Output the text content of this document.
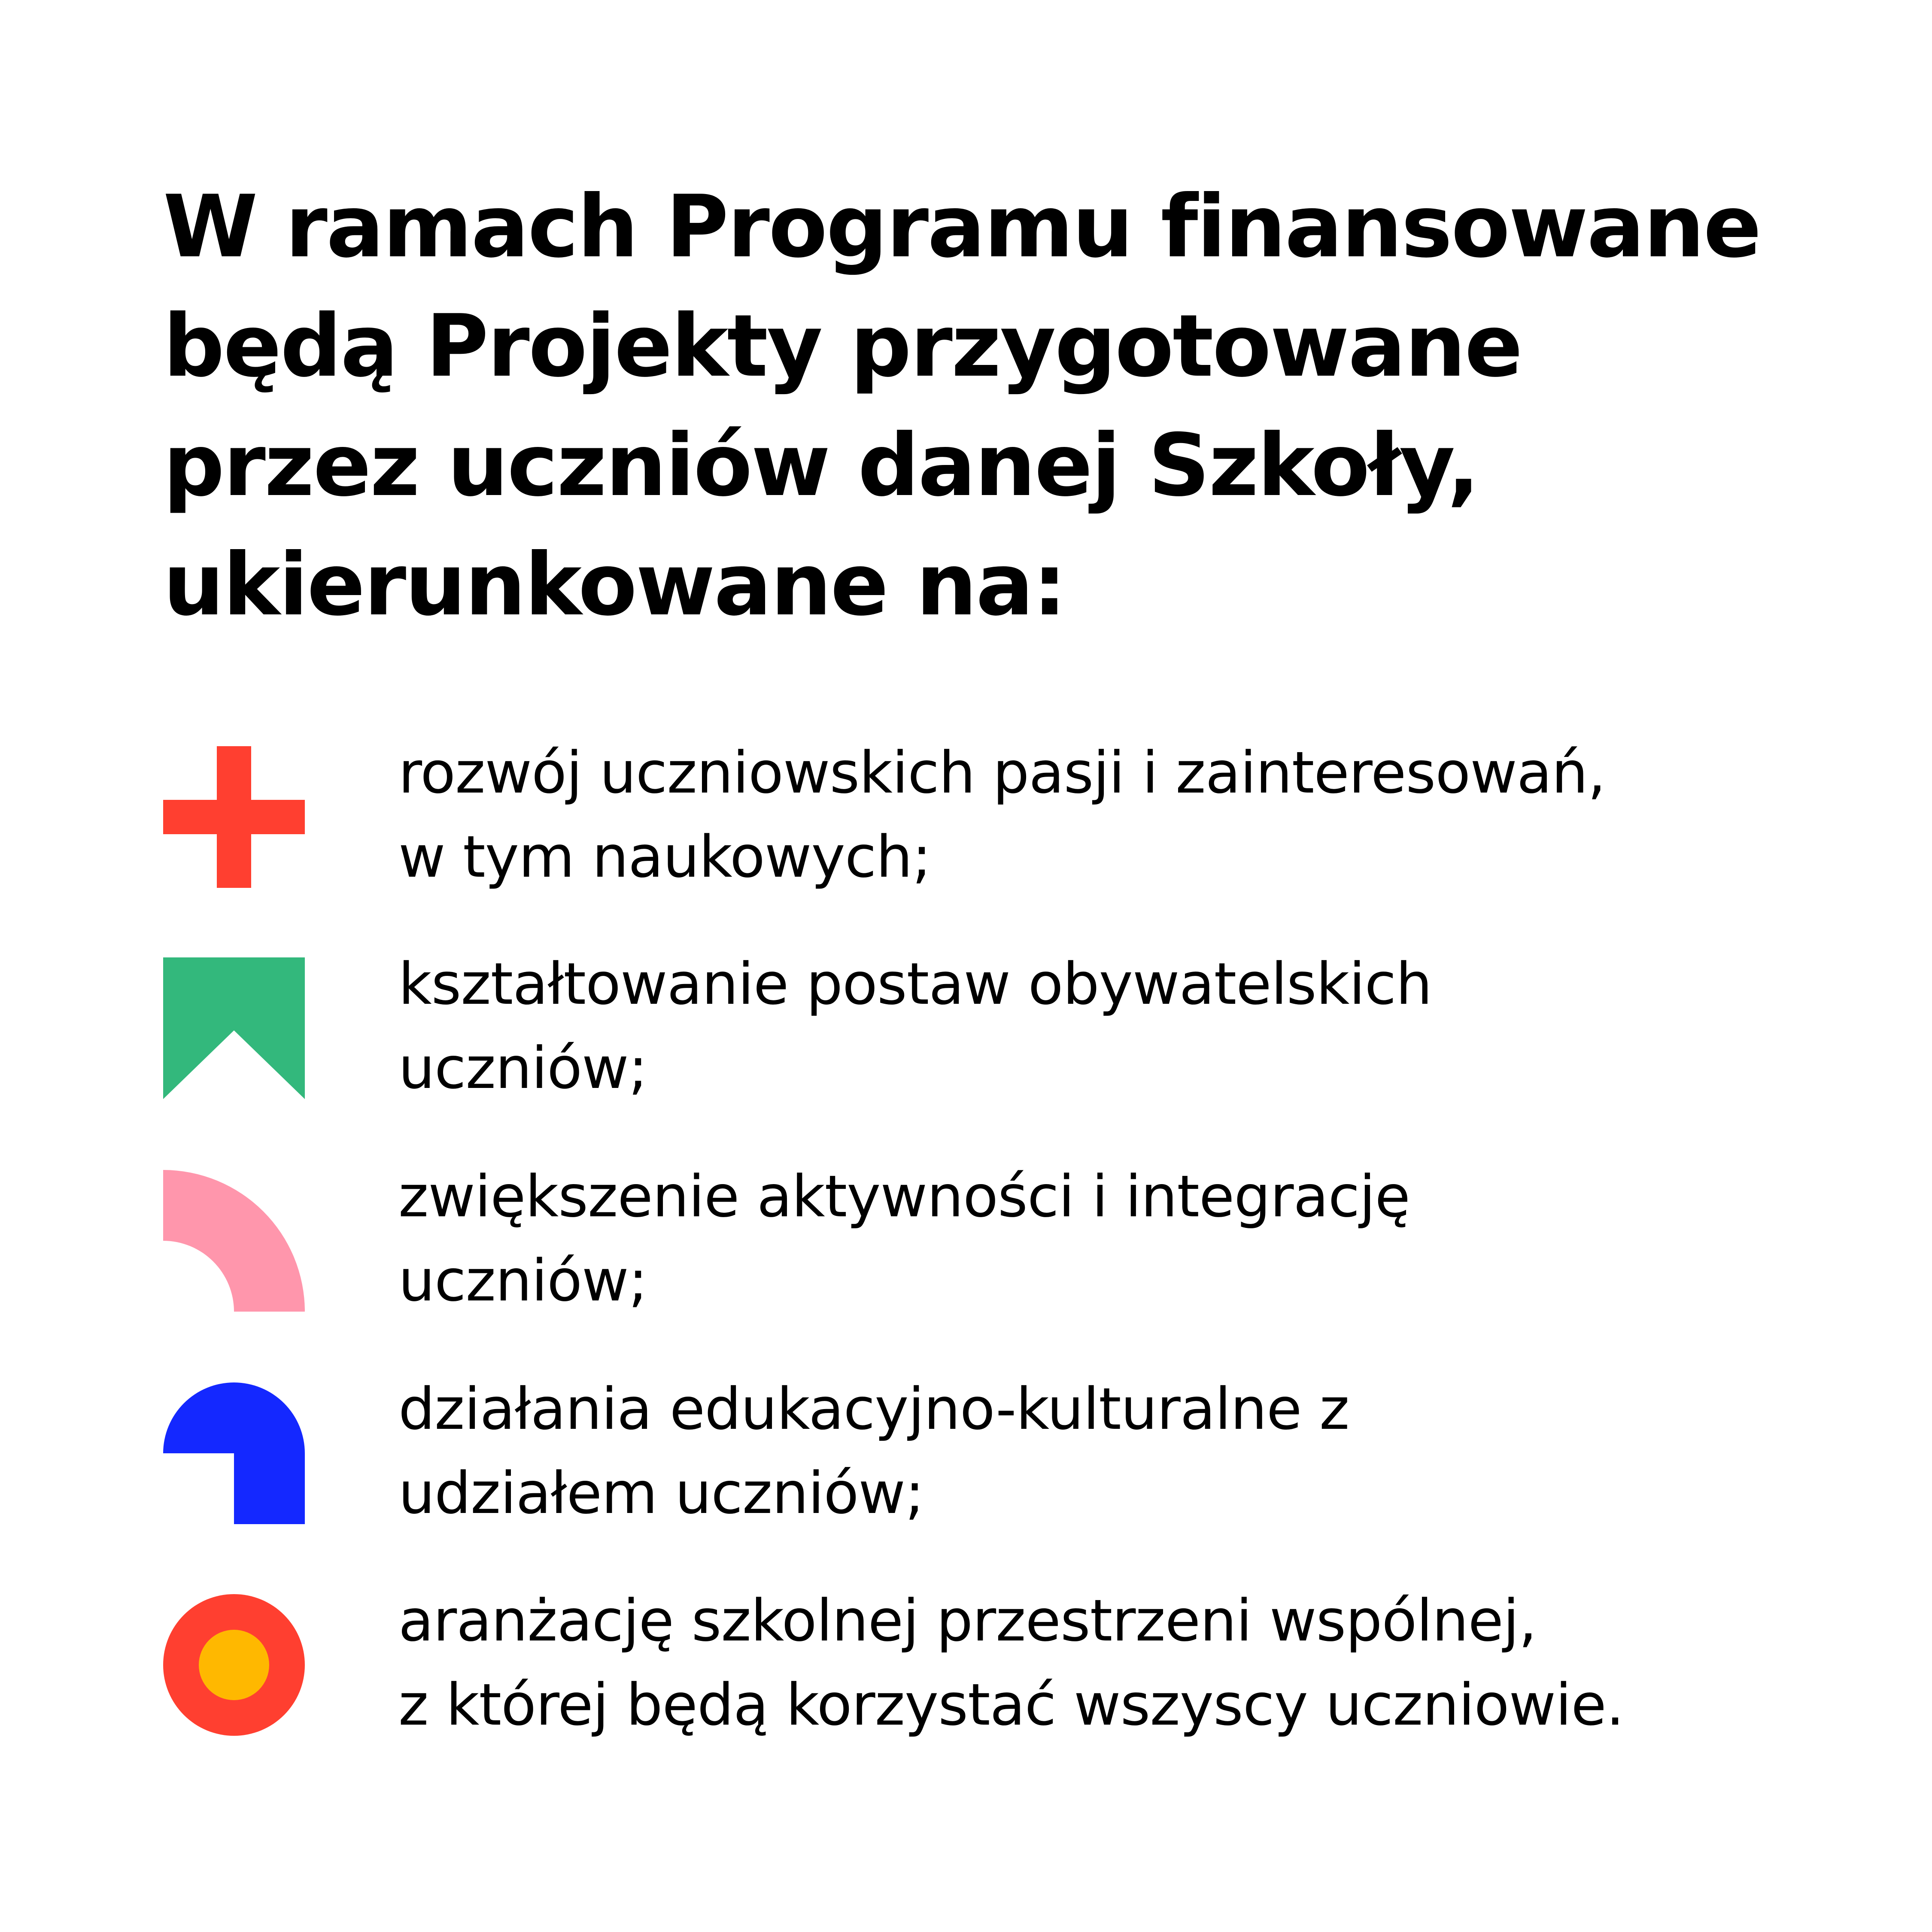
W ramach Programu finansowane
będą Projekty przygotowane
przez uczniów danej Szkoły,
ukierunkowane na:

rozwój uczniowskich pasji i zainteresowań,
w tym naukowych;

kształtowanie postaw obywatelskich
uczniów;

zwiększenie aktywności i integrację
uczniów;

działania edukacyjno-kulturalne z
udziałem uczniów;

aranżację szkolnej przestrzeni wspólnej,
z której będą korzystać wszyscy uczniowie.
